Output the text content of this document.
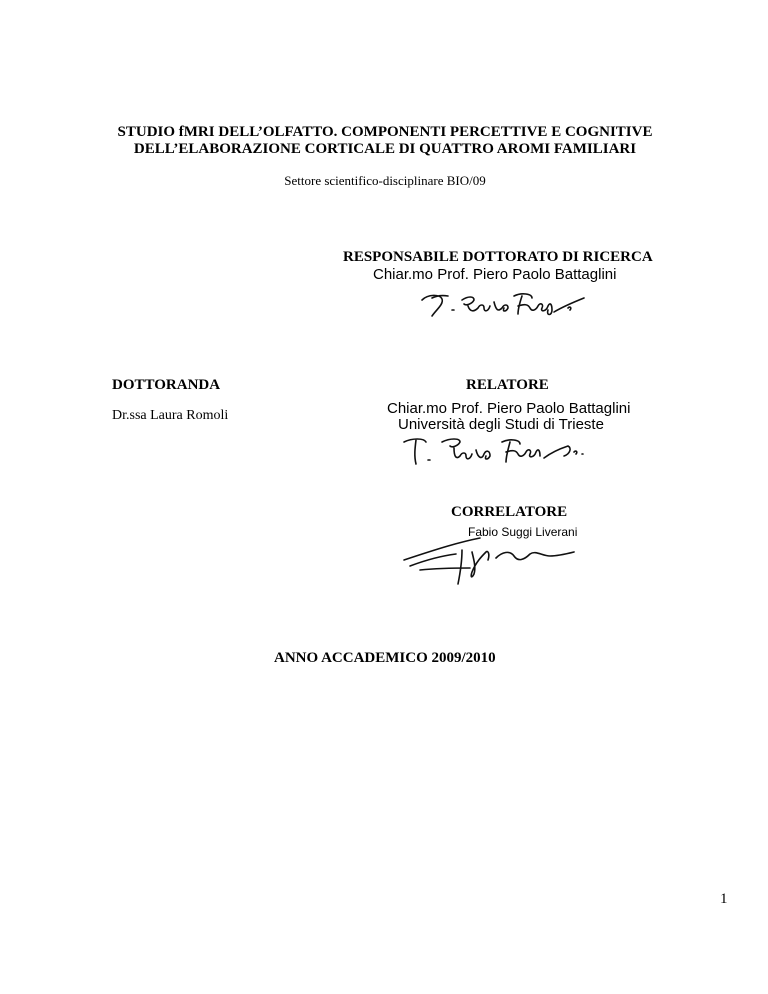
STUDIO fMRI DELL’OLFATTO. COMPONENTI PERCETTIVE E COGNITIVE
DELL’ELABORAZIONE CORTICALE DI QUATTRO AROMI FAMILIARI
Settore scientifico-disciplinare BIO/09
RESPONSABILE DOTTORATO DI RICERCA
Chiar.mo Prof. Piero Paolo Battaglini
DOTTORANDA
Dr.ssa Laura Romoli
RELATORE
Chiar.mo Prof. Piero Paolo Battaglini
Università degli Studi di Trieste
CORRELATORE
Fabio Suggi Liverani
ANNO ACCADEMICO 2009/2010
1
